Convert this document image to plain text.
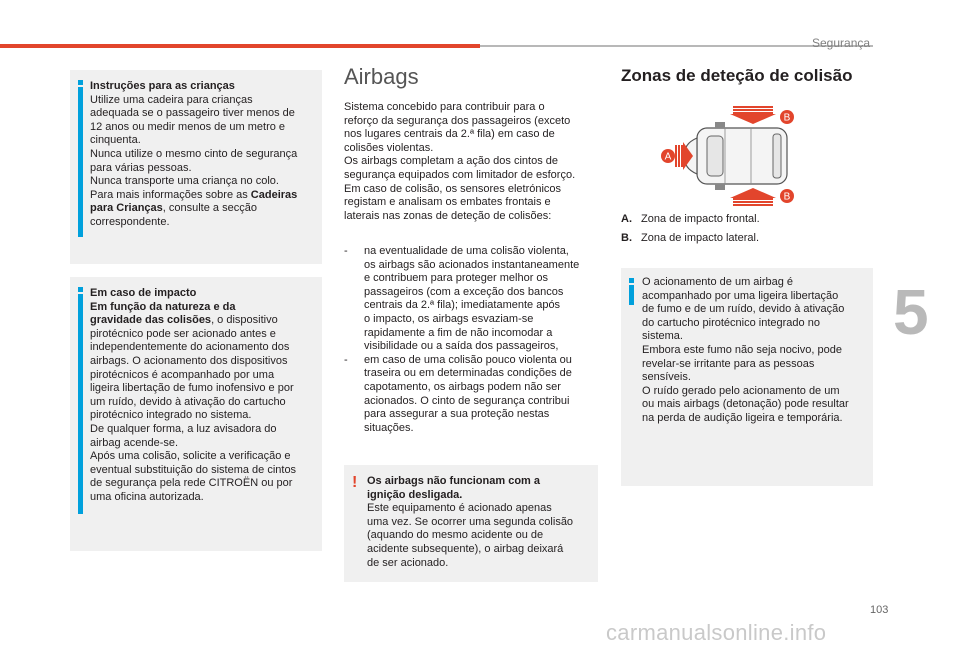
Segurança
5
103
carmanualsonline.info
Instruções para as crianças
Utilize uma cadeira para crianças
adequada se o passageiro tiver menos de
12 anos ou medir menos de um metro e
cinquenta.
Nunca utilize o mesmo cinto de segurança
para várias pessoas.
Nunca transporte uma criança no colo.
Para mais informações sobre as Cadeiras
para Crianças, consulte a secção
correspondente.
Em caso de impacto
Em função da natureza e da
gravidade das colisões, o dispositivo
pirotécnico pode ser acionado antes e
independentemente do acionamento dos
airbags. O acionamento dos dispositivos
pirotécnicos é acompanhado por uma
ligeira libertação de fumo inofensivo e por
um ruído, devido à ativação do cartucho
pirotécnico integrado no sistema.
De qualquer forma, a luz avisadora do
airbag acende-se.
Após uma colisão, solicite a verificação e
eventual substituição do sistema de cintos
de segurança pela rede CITROËN ou por
uma oficina autorizada.
Airbags
Sistema concebido para contribuir para o
reforço da segurança dos passageiros (exceto
nos lugares centrais da 2.ª fila) em caso de
colisões violentas.
Os airbags completam a ação dos cintos de
segurança equipados com limitador de esforço.
Em caso de colisão, os sensores eletrónicos
registam e analisam os embates frontais e
laterais nas zonas de deteção de colisões:
- na eventualidade de uma colisão violenta,
os airbags são acionados instantaneamente
e contribuem para proteger melhor os
passageiros (com a exceção dos bancos
centrais da 2.ª fila); imediatamente após
o impacto, os airbags esvaziam-se
rapidamente a fim de não incomodar a
visibilidade ou a saída dos passageiros,
- em caso de uma colisão pouco violenta ou
traseira ou em determinadas condições de
capotamento, os airbags podem não ser
acionados. O cinto de segurança contribui
para assegurar a sua proteção nestas
situações.
! Os airbags não funcionam com a
ignição desligada.
Este equipamento é acionado apenas
uma vez. Se ocorrer uma segunda colisão
(aquando do mesmo acidente ou de
acidente subsequente), o airbag deixará
de ser acionado.
Zonas de deteção de colisão
A
B
B
A. Zona de impacto frontal.
B. Zona de impacto lateral.
O acionamento de um airbag é
acompanhado por uma ligeira libertação
de fumo e de um ruído, devido à ativação
do cartucho pirotécnico integrado no
sistema.
Embora este fumo não seja nocivo, pode
revelar-se irritante para as pessoas
sensíveis.
O ruído gerado pelo acionamento de um
ou mais airbags (detonação) pode resultar
na perda de audição ligeira e temporária.
